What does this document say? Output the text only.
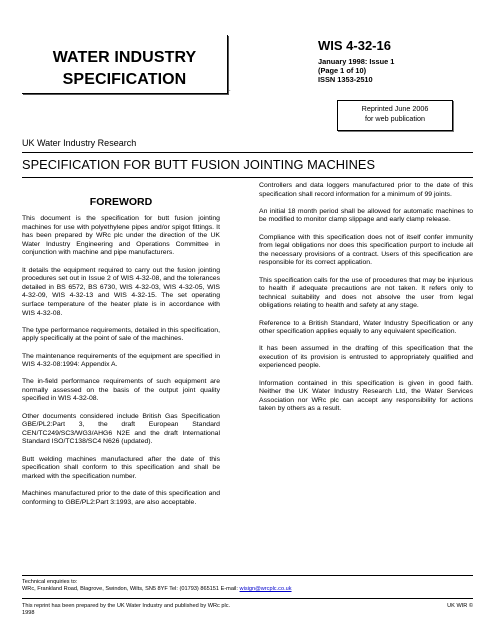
WATER INDUSTRY
SPECIFICATION
.
WIS 4-32-16
January 1998: Issue 1
(Page 1 of 10)
ISSN 1353-2510
Reprinted June 2006
for web publication
UK Water Industry Research
SPECIFICATION FOR BUTT FUSION JOINTING MACHINES
FOREWORD

This document is the specification for butt fusion jointing machines for use with polyethylene pipes and/or spigot fittings. It has been prepared by WRc plc under the direction of the UK Water Industry Engineering and Operations Committee in conjunction with machine and pipe manufacturers.

It details the equipment required to carry out the fusion jointing procedures set out in Issue 2 of WIS 4-32-08, and the tolerances detailed in BS 6572, BS 6730, WIS 4-32-03, WIS 4-32-05, WIS 4-32-09, WIS 4-32-13 and WIS 4-32-15. The set operating surface temperature of the heater plate is in accordance with WIS 4-32-08.

The type performance requirements, detailed in this specification, apply specifically at the point of sale of the machines.

The maintenance requirements of the equipment are specified in WIS 4-32-08:1994: Appendix A.

The in-field performance requirements of such equipment are normally assessed on the basis of the output joint quality specified in WIS 4-32-08.

Other documents considered include British Gas Specification GBE/PL2:Part 3, the draft European Standard CEN/TC249/SC3/WG3/AHG6 N2E and the draft International Standard ISO/TC138/SC4 N626 (updated).

Butt welding machines manufactured after the date of this specification shall conform to this specification and shall be marked with the specification number.

Machines manufactured prior to the date of this specification and conforming to GBE/PL2:Part 3:1993, are also acceptable.

Controllers and data loggers manufactured prior to the date of this specification shall record information for a minimum of 99 joints.

An initial 18 month period shall be allowed for automatic machines to be modified to monitor clamp slippage and early clamp release.

Compliance with this specification does not of itself confer immunity from legal obligations nor does this specification purport to include all the necessary provisions of a contract. Users of this specification are responsible for its correct application.

This specification calls for the use of procedures that may be injurious to health if adequate precautions are not taken. It refers only to technical suitability and does not absolve the user from legal obligations relating to health and safety at any stage.

Reference to a British Standard, Water Industry Specification or any other specification applies equally to any equivalent specification.

It has been assumed in the drafting of this specification that the execution of its provision is entrusted to appropriately qualified and experienced people.

Information contained in this specification is given in good faith. Neither the UK Water Industry Research Ltd, the Water Services Association nor WRc plc can accept any responsibility for actions taken by others as a result.

Technical enquiries to:
WRc, Frankland Road, Blagrove, Swindon, Wilts, SN5 8YF Tel: (01793) 865151 E-mail: wisign@wrcplc.co.uk
This reprint has been prepared by the UK Water Industry and published by WRc plc.
1998
UK WIR ©
